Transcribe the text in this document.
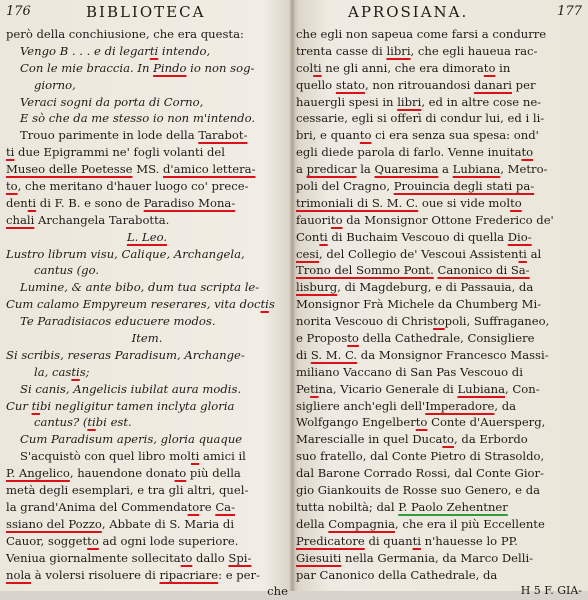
176	BIBLIOTECA
però della conchiusione, che era questa:
Vengo B . . . e di legarti intendo,
Con le mie braccia. In Pindo io non sog-
giorno,
Veraci sogni da porta di Corno,
E sò che da me stesso io non m'intendo.
Trouo parimente in lode della Tarabot-
ti due Epigrammi ne' fogli volanti del
Museo delle Poetesse MS. d'amico lettera-
to, che meritano d'hauer luogo co' prece-
denti di F. B. e sono de Paradiso Mona-
chali Archangela Tarabotta.
L. Leo.
Lustro librum visu, Calique, Archangela,
cantus (go.
Lumine, & ante bibo, dum tua scripta le-
Cum calamo Empyreum reserares, vita doctis
Te Paradisiacos educuere modos.
Item.
Si scribis, reseras Paradisum, Archange-
la, castis;
Si canis, Angelicis iubilat aura modis.
Cur tibi negligitur tamen inclyta gloria
cantus? (tibi est.
Cum Paradisum aperis, gloria quaque
S'acquistò con quel libro molti amici il
P. Angelico, hauendone donato più della
metà degli esemplari, e tra gli altri, quel-
la grand'Anima del Commendatore Ca-
ssiano del Pozzo, Abbate di S. Maria di
Cauor, soggetto ad ogni lode superiore.
Veniua giornalmente sollecitato dallo Spi-
nola à volersi risoluere di ripacriare: e per-
che
APROSIANA.	177
che egli non sapeua come farsi a condurre
trenta casse di libri, che egli haueua rac-
colti ne gli anni, che era dimorato in
quello stato, non ritrouandosi danari per
hauergli spesi in libri, ed in altre cose ne-
cessarie, egli si offerì di condur lui, ed i li-
bri, e quanto ci era senza sua spesa: ond'
egli diede parola di farlo. Venne inuitato
a predicar la Quaresima a Lubiana, Metro-
poli del Cragno, Prouincia degli stati pa-
trimoniali di S. M. C. oue si vide molto
fauorito da Monsignor Ottone Frederico de'
Conti di Buchaim Vescouo di quella Dio-
cesi, del Collegio de' Vescoui Assistenti al
Trono del Sommo Pont. Canonico di Sa-
lisburg, di Magdeburg, e di Passauia, da
Monsignor Frà Michele da Chumberg Mi-
norita Vescouo di Christopoli, Suffraganeo,
e Proposto della Cathedrale, Consigliere
di S. M. C. da Monsignor Francesco Massi-
miliano Vaccano di San Pas Vescouo di
Petina, Vicario Generale di Lubiana, Con-
sigliere anch'egli dell'Imperadore, da
Wolfgango Engelberto Conte d'Auersperg,
Marescialle in quel Ducato, da Erbordo
suo fratello, dal Conte Pietro di Strasoldo,
dal Barone Corrado Rossi, dal Conte Gior-
gio Giankouits de Rosse suo Genero, e da
tutta nobiltà; dal P. Paolo Zehentner
della Compagnia, che era il più Eccellente
Predicatore di quanti n'hauesse lo PP.
Giesuiti nella Germania, da Marco Delli-
par Canonico della Cathedrale, da
H 5 F. GIA-
